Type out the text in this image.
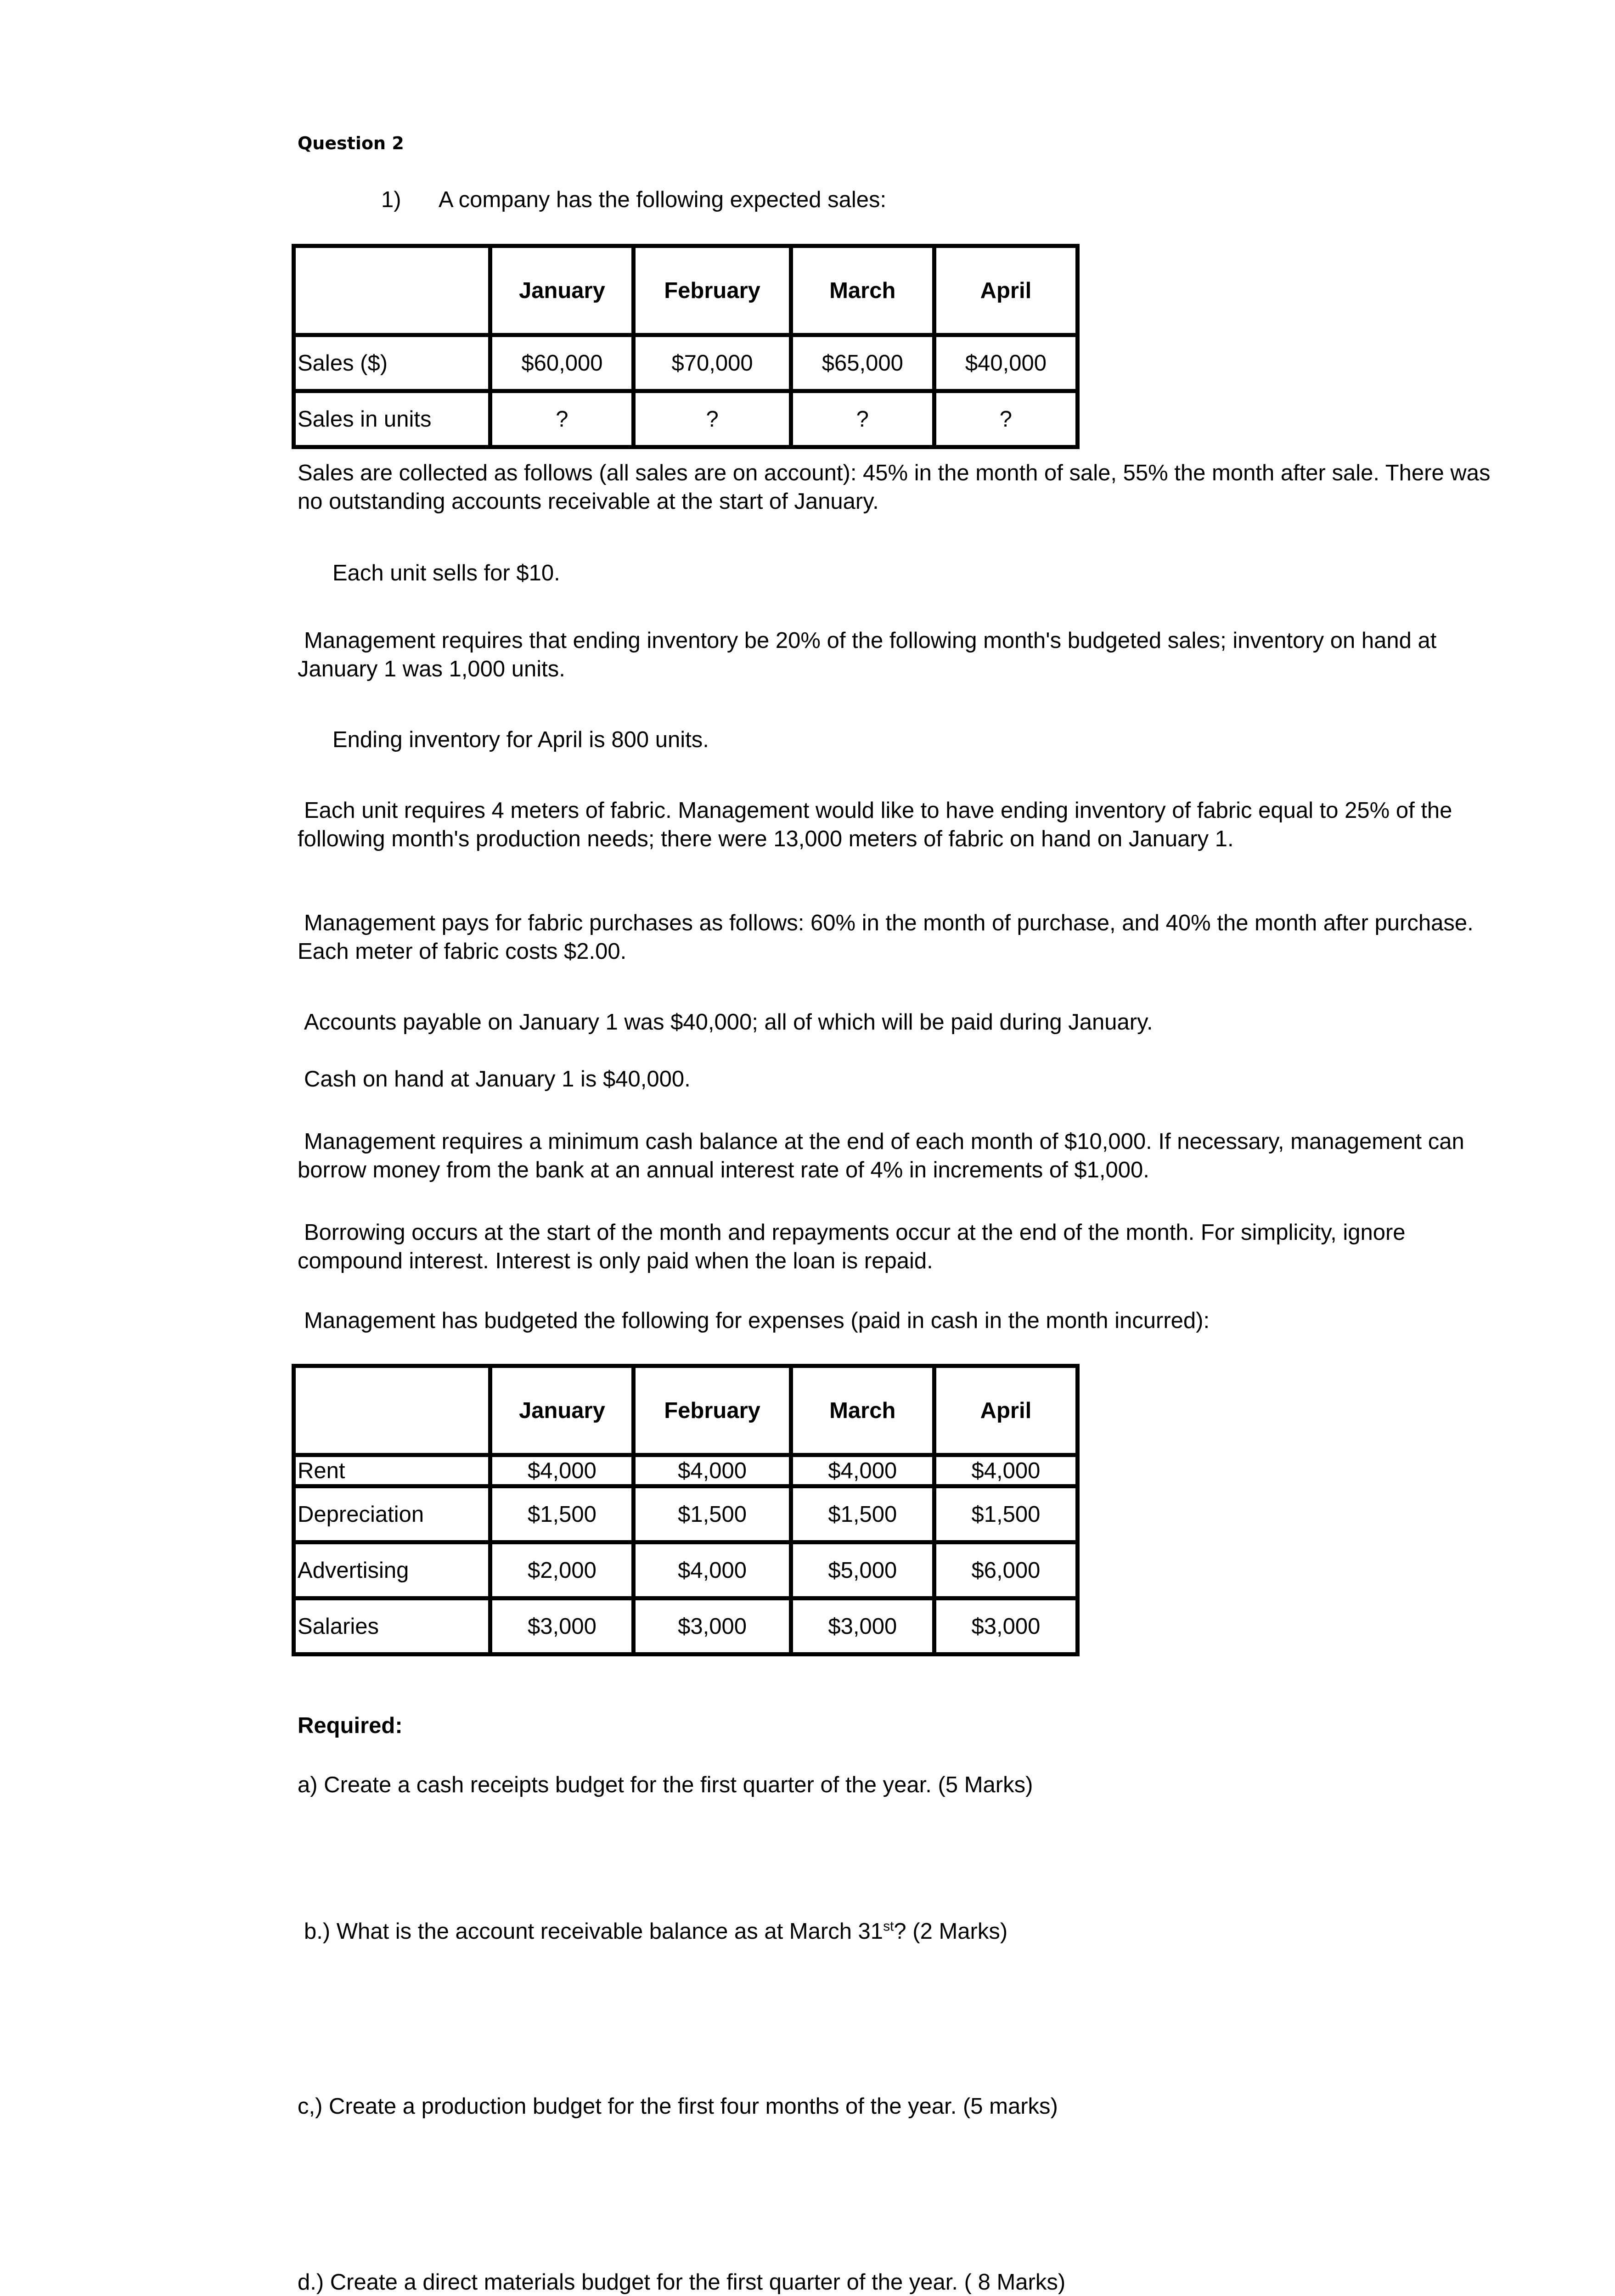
Question 2
1) A company has the following expected sales:
	January	February	March	April
Sales ($)	$60,000	$70,000	$65,000	$40,000
Sales in units	?	?	?	?
Sales are collected as follows (all sales are on account): 45% in the month of sale, 55% the month after sale. There was no outstanding accounts receivable at the start of January.
Each unit sells for $10.
Management requires that ending inventory be 20% of the following month's budgeted sales; inventory on hand at January 1 was 1,000 units.
Ending inventory for April is 800 units.
Each unit requires 4 meters of fabric. Management would like to have ending inventory of fabric equal to 25% of the following month's production needs; there were 13,000 meters of fabric on hand on January 1.
Management pays for fabric purchases as follows: 60% in the month of purchase, and 40% the month after purchase. Each meter of fabric costs $2.00.
Accounts payable on January 1 was $40,000; all of which will be paid during January.
Cash on hand at January 1 is $40,000.
Management requires a minimum cash balance at the end of each month of $10,000. If necessary, management can borrow money from the bank at an annual interest rate of 4% in increments of $1,000.
Borrowing occurs at the start of the month and repayments occur at the end of the month. For simplicity, ignore compound interest. Interest is only paid when the loan is repaid.
Management has budgeted the following for expenses (paid in cash in the month incurred):
	January	February	March	April
Rent	$4,000	$4,000	$4,000	$4,000
Depreciation	$1,500	$1,500	$1,500	$1,500
Advertising	$2,000	$4,000	$5,000	$6,000
Salaries	$3,000	$3,000	$3,000	$3,000
Required:
a) Create a cash receipts budget for the first quarter of the year. (5 Marks)
b.) What is the account receivable balance as at March 31st? (2 Marks)
c,) Create a production budget for the first four months of the year. (5 marks)
d.) Create a direct materials budget for the first quarter of the year. ( 8 Marks)
